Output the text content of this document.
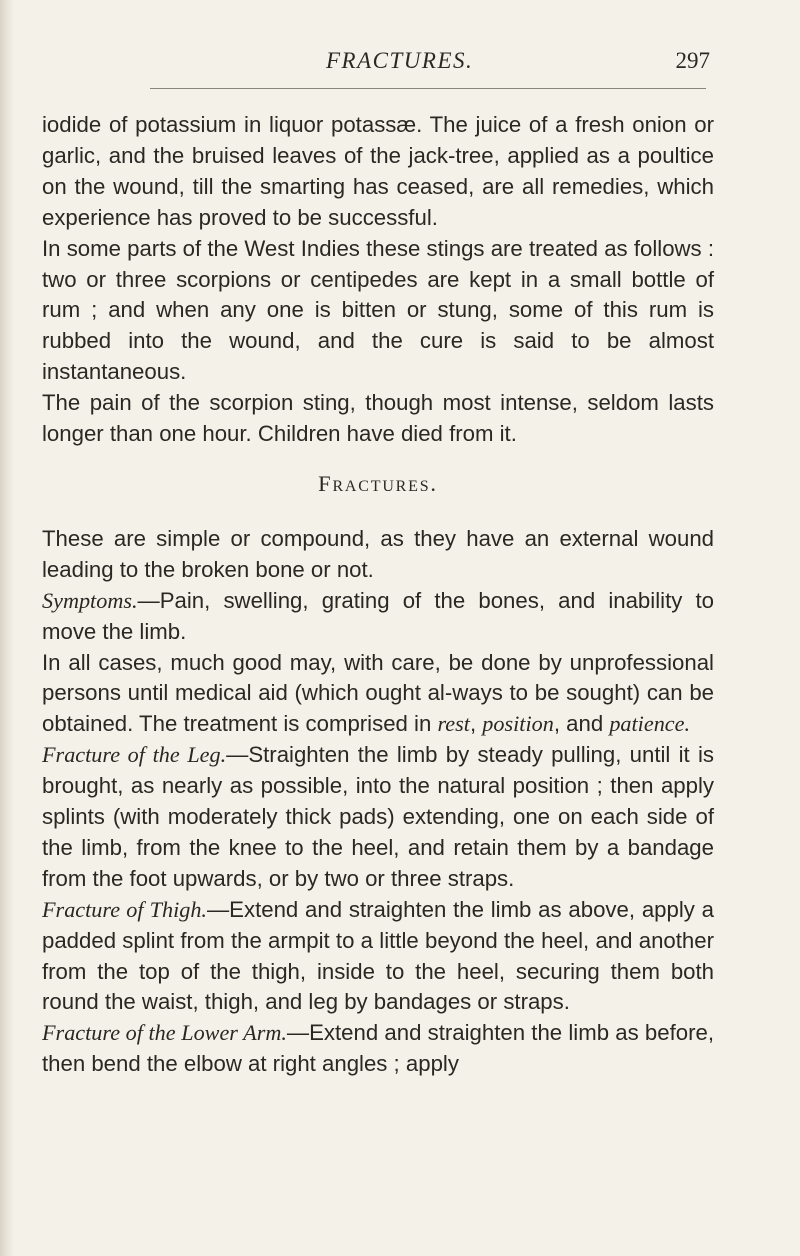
FRACTURES.	297

iodide of potassium in liquor potassæ. The juice of a fresh onion or garlic, and the bruised leaves of the jack-tree, applied as a poultice on the wound, till the smarting has ceased, are all remedies, which experience has proved to be successful.

In some parts of the West Indies these stings are treated as follows : two or three scorpions or centipedes are kept in a small bottle of rum ; and when any one is bitten or stung, some of this rum is rubbed into the wound, and the cure is said to be almost instantaneous.

The pain of the scorpion sting, though most intense, seldom lasts longer than one hour. Children have died from it.

Fractures.

These are simple or compound, as they have an external wound leading to the broken bone or not.

Symptoms.—Pain, swelling, grating of the bones, and inability to move the limb.

In all cases, much good may, with care, be done by unprofessional persons until medical aid (which ought al-ways to be sought) can be obtained. The treatment is comprised in rest, position, and patience.

Fracture of the Leg.—Straighten the limb by steady pulling, until it is brought, as nearly as possible, into the natural position ; then apply splints (with moderately thick pads) extending, one on each side of the limb, from the knee to the heel, and retain them by a bandage from the foot upwards, or by two or three straps.

Fracture of Thigh.—Extend and straighten the limb as above, apply a padded splint from the armpit to a little beyond the heel, and another from the top of the thigh, inside to the heel, securing them both round the waist, thigh, and leg by bandages or straps.

Fracture of the Lower Arm.—Extend and straighten the limb as before, then bend the elbow at right angles ; apply
